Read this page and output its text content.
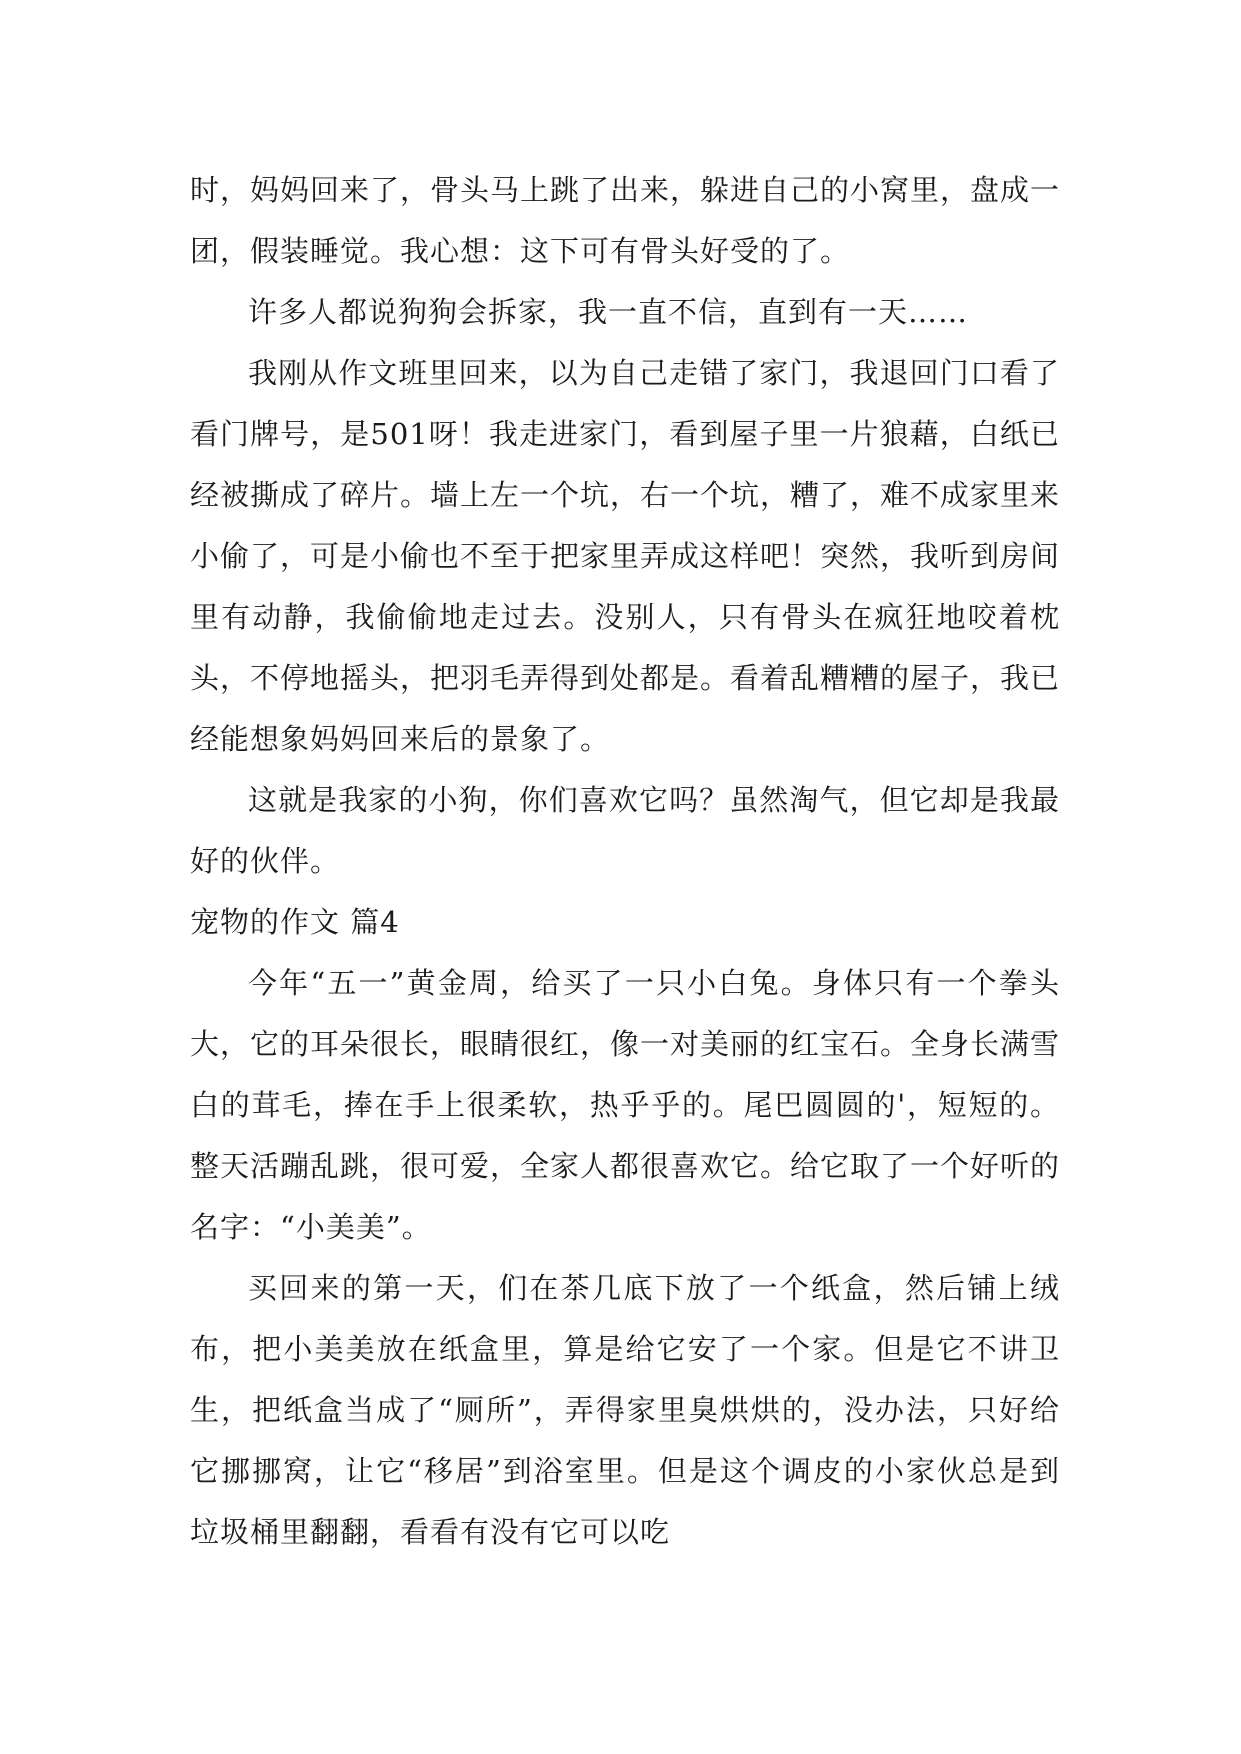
时，妈妈回来了，骨头马上跳了出来，躲进自己的小窝里，盘成一团，假装睡觉。我心想：这下可有骨头好受的了。

许多人都说狗狗会拆家，我一直不信，直到有一天……

我刚从作文班里回来，以为自己走错了家门，我退回门口看了看门牌号，是501呀！我走进家门，看到屋子里一片狼藉，白纸已经被撕成了碎片。墙上左一个坑，右一个坑，糟了，难不成家里来小偷了，可是小偷也不至于把家里弄成这样吧！突然，我听到房间里有动静，我偷偷地走过去。没别人，只有骨头在疯狂地咬着枕头，不停地摇头，把羽毛弄得到处都是。看着乱糟糟的屋子，我已经能想象妈妈回来后的景象了。

这就是我家的小狗，你们喜欢它吗？虽然淘气，但它却是我最好的伙伴。

宠物的作文 篇4

今年“五一”黄金周，给买了一只小白兔。身体只有一个拳头大，它的耳朵很长，眼睛很红，像一对美丽的红宝石。全身长满雪白的茸毛，捧在手上很柔软，热乎乎的。尾巴圆圆的'，短短的。整天活蹦乱跳，很可爱，全家人都很喜欢它。给它取了一个好听的名字：“小美美”。

买回来的第一天，们在茶几底下放了一个纸盒，然后铺上绒布，把小美美放在纸盒里，算是给它安了一个家。但是它不讲卫生，把纸盒当成了“厕所”，弄得家里臭烘烘的，没办法，只好给它挪挪窝，让它“移居”到浴室里。但是这个调皮的小家伙总是到垃圾桶里翻翻，看看有没有它可以吃
